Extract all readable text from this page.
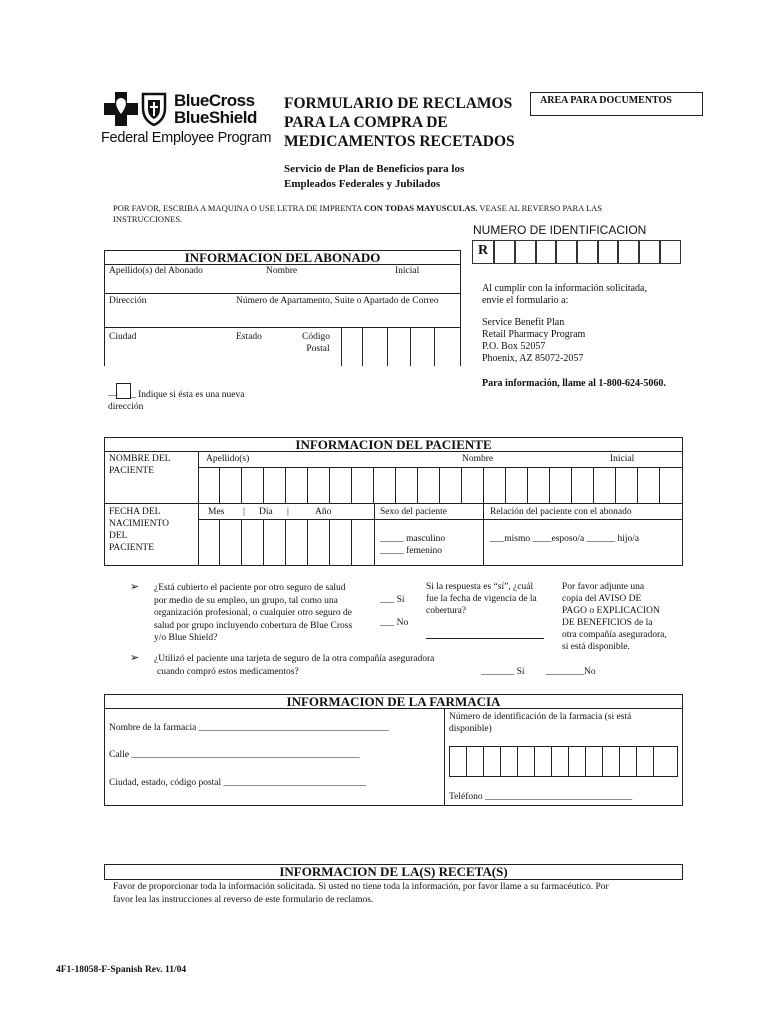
BlueCross
BlueShield
Federal Employee Program
FORMULARIO DE RECLAMOS
PARA LA COMPRA DE
MEDICAMENTOS RECETADOS
AREA PARA DOCUMENTOS
Servicio de Plan de Beneficios para los
Empleados Federales y Jubilados
POR FAVOR, ESCRIBA A MAQUINA O USE LETRA DE IMPRENTA CON TODAS MAYUSCULAS. VEASE AL REVERSO PARA LAS
INSTRUCCIONES.
NUMERO DE IDENTIFICACION
R
INFORMACION DEL ABONADO
Apellido(s) del Abonado	Nombre	Inicial
Dirección	Número de Apartamento, Suite o Apartado de Correo
Ciudad	Estado	Código
Postal
__ _ Indique si ésta es una nueva
dirección
Al cumplir con la información solicitada,
envíe el formulario a:
Service Benefit Plan
Retail Pharmacy Program
P.O. Box 52057
Phoenix, AZ 85072-2057
Para información, llame al 1-800-624-5060.
INFORMACION DEL PACIENTE
NOMBRE DEL
PACIENTE
Apellido(s)	Nombre	Inicial
FECHA DEL
NACIMIENTO
DEL
PACIENTE
Mes | Día |	Año	Sexo del paciente
_____ masculino
_____ femenino
Relación del paciente con el abonado
___mismo ____esposo/a ______ hijo/a
➢ ¿Está cubierto el paciente por otro seguro de salud
por medio de su empleo, un grupo, tal como una
organización profesional, o cualquier otro seguro de
salud por grupo incluyendo cobertura de Blue Cross
y/o Blue Shield?
___ Sí
___ No
Si la respuesta es “sí”, ¿cuál
fue la fecha de vigencia de la
cobertura?
Por favor adjunte una
copia del AVISO DE
PAGO o EXPLICACION
DE BENEFICIOS de la
otra compañía aseguradora,
si está disponible.
➢ ¿Utilizó el paciente una tarjeta de seguro de la otra compañía aseguradora
cuando compró estos medicamentos?	_______ Sí ________No
INFORMACION DE LA FARMACIA
Nombre de la farmacia ________________________________________
Calle ________________________________________________
Ciudad, estado, código postal ______________________________
Número de identificación de la farmacia (si está
disponible)
Teléfono _______________________________
INFORMACION DE LA(S) RECETA(S)
Favor de proporcionar toda la información solicitada. Si usted no tiene toda la información, por favor llame a su farmacéutico. Por
favor lea las instrucciones al reverso de este formulario de reclamos.
4F1-18058-F-Spanish Rev. 11/04
